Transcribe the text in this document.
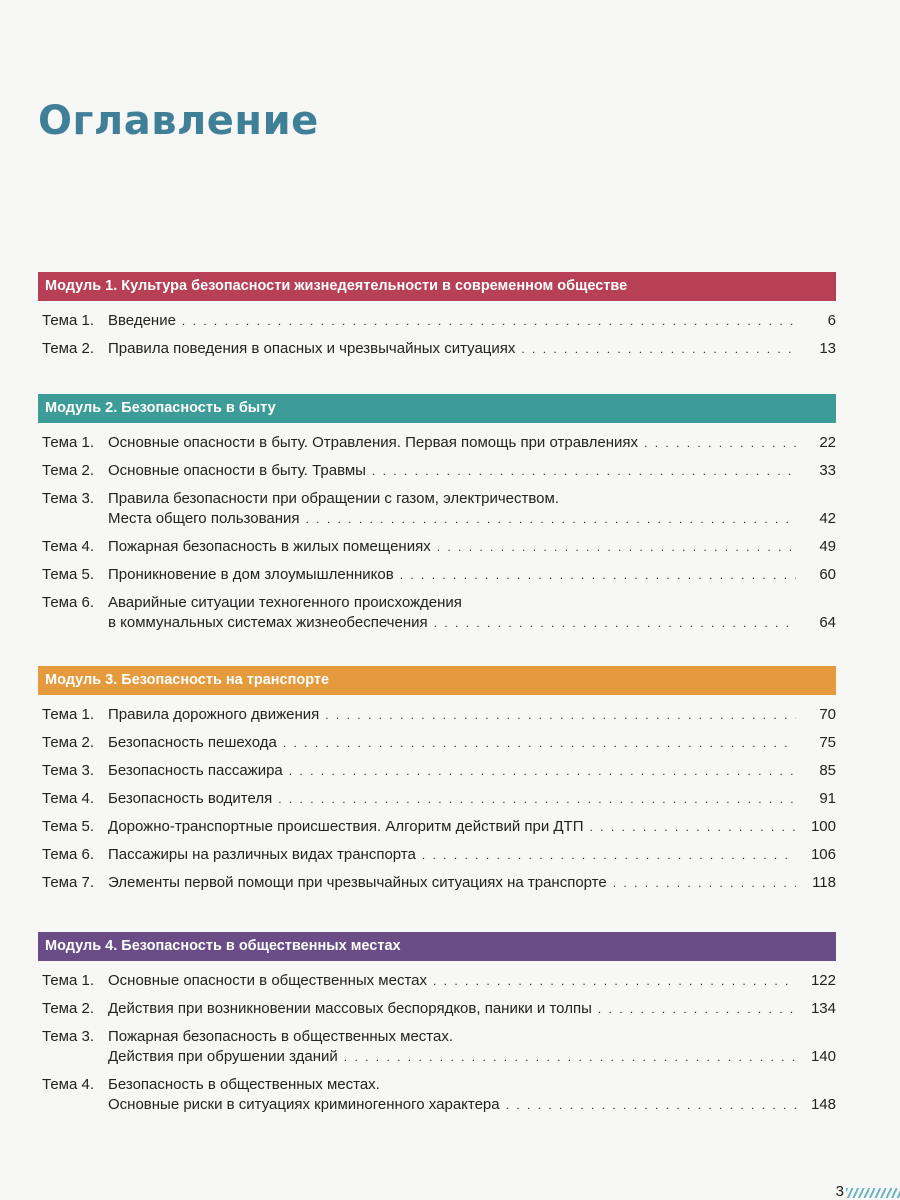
Оглавление
Модуль 1. Культура безопасности жизнедеятельности в современном обществе
Тема 1. Введение . . .	6
Тема 2. Правила поведения в опасных и чрезвычайных ситуациях . . .	13
Модуль 2. Безопасность в быту
Тема 1. Основные опасности в быту. Отравления. Первая помощь при отравлениях . . .	22
Тема 2. Основные опасности в быту. Травмы . . .	33
Тема 3. Правила безопасности при обращении с газом, электричеством.
Места общего пользования . . .	42
Тема 4. Пожарная безопасность в жилых помещениях . . .	49
Тема 5. Проникновение в дом злоумышленников . . .	60
Тема 6. Аварийные ситуации техногенного происхождения
в коммунальных системах жизнеобеспечения . . .	64
Модуль 3. Безопасность на транспорте
Тема 1. Правила дорожного движения . . .	70
Тема 2. Безопасность пешехода . . .	75
Тема 3. Безопасность пассажира . . .	85
Тема 4. Безопасность водителя . . .	91
Тема 5. Дорожно-транспортные происшествия. Алгоритм действий при ДТП . . .	100
Тема 6. Пассажиры на различных видах транспорта . . .	106
Тема 7. Элементы первой помощи при чрезвычайных ситуациях на транспорте . . .	118
Модуль 4. Безопасность в общественных местах
Тема 1. Основные опасности в общественных местах . . .	122
Тема 2. Действия при возникновении массовых беспорядков, паники и толпы . . .	134
Тема 3. Пожарная безопасность в общественных местах.
Действия при обрушении зданий . . .	140
Тема 4. Безопасность в общественных местах.
Основные риски в ситуациях криминогенного характера . . .	148
3
